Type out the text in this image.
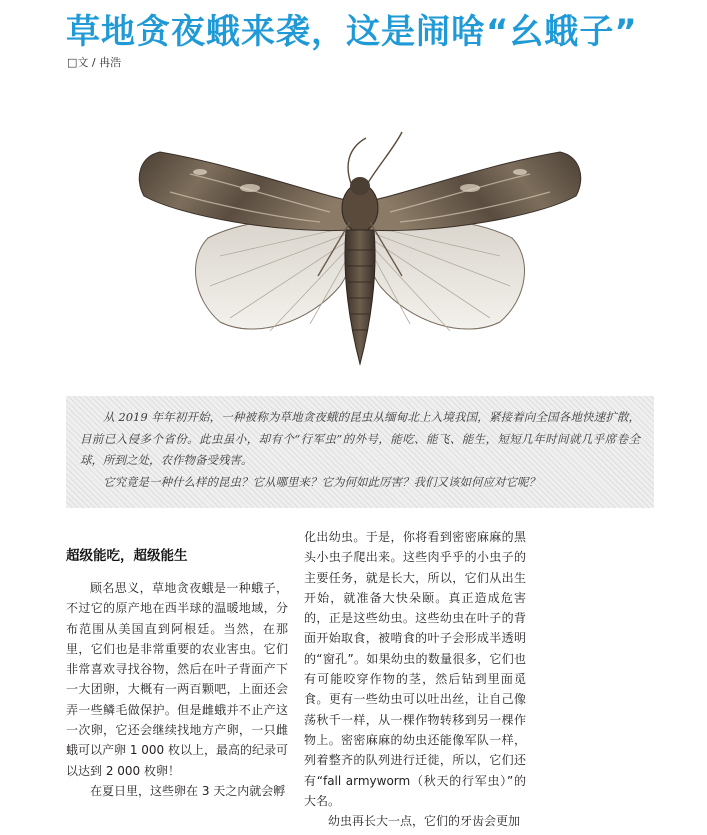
草地贪夜蛾来袭，这是闹啥“幺蛾子”
□文 / 冉浩

从 2019 年年初开始，一种被称为草地贪夜蛾的昆虫从缅甸北上入境我国，紧接着向全国各地快速扩散，目前已入侵多个省份。此虫虽小，却有个“行军虫”的外号，能吃、能飞、能生，短短几年时间就几乎席卷全球，所到之处，农作物备受残害。

它究竟是一种什么样的昆虫？它从哪里来？它为何如此厉害？我们又该如何应对它呢？

超级能吃，超级能生

顾名思义，草地贪夜蛾是一种蛾子，不过它的原产地在西半球的温暖地域，分布范围从美国直到阿根廷。当然，在那里，它们也是非常重要的农业害虫。它们非常喜欢寻找谷物，然后在叶子背面产下一大团卵，大概有一两百颗吧，上面还会弄一些鳞毛做保护。但是雌蛾并不止产这一次卵，它还会继续找地方产卵，一只雌蛾可以产卵 1 000 枚以上，最高的纪录可以达到 2 000 枚卵！

在夏日里，这些卵在 3 天之内就会孵

化出幼虫。于是，你将看到密密麻麻的黑头小虫子爬出来。这些肉乎乎的小虫子的主要任务，就是长大，所以，它们从出生开始，就准备大快朵颐。真正造成危害的，正是这些幼虫。这些幼虫在叶子的背面开始取食，被啃食的叶子会形成半透明的“窗孔”。如果幼虫的数量很多，它们也有可能咬穿作物的茎，然后钻到里面觅食。更有一些幼虫可以吐出丝，让自己像荡秋千一样，从一棵作物转移到另一棵作物上。密密麻麻的幼虫还能像军队一样，列着整齐的队列进行迁徙，所以，它们还有“fall armyworm（秋天的行军虫）”的大名。

幼虫再长大一点，它们的牙齿会更加
